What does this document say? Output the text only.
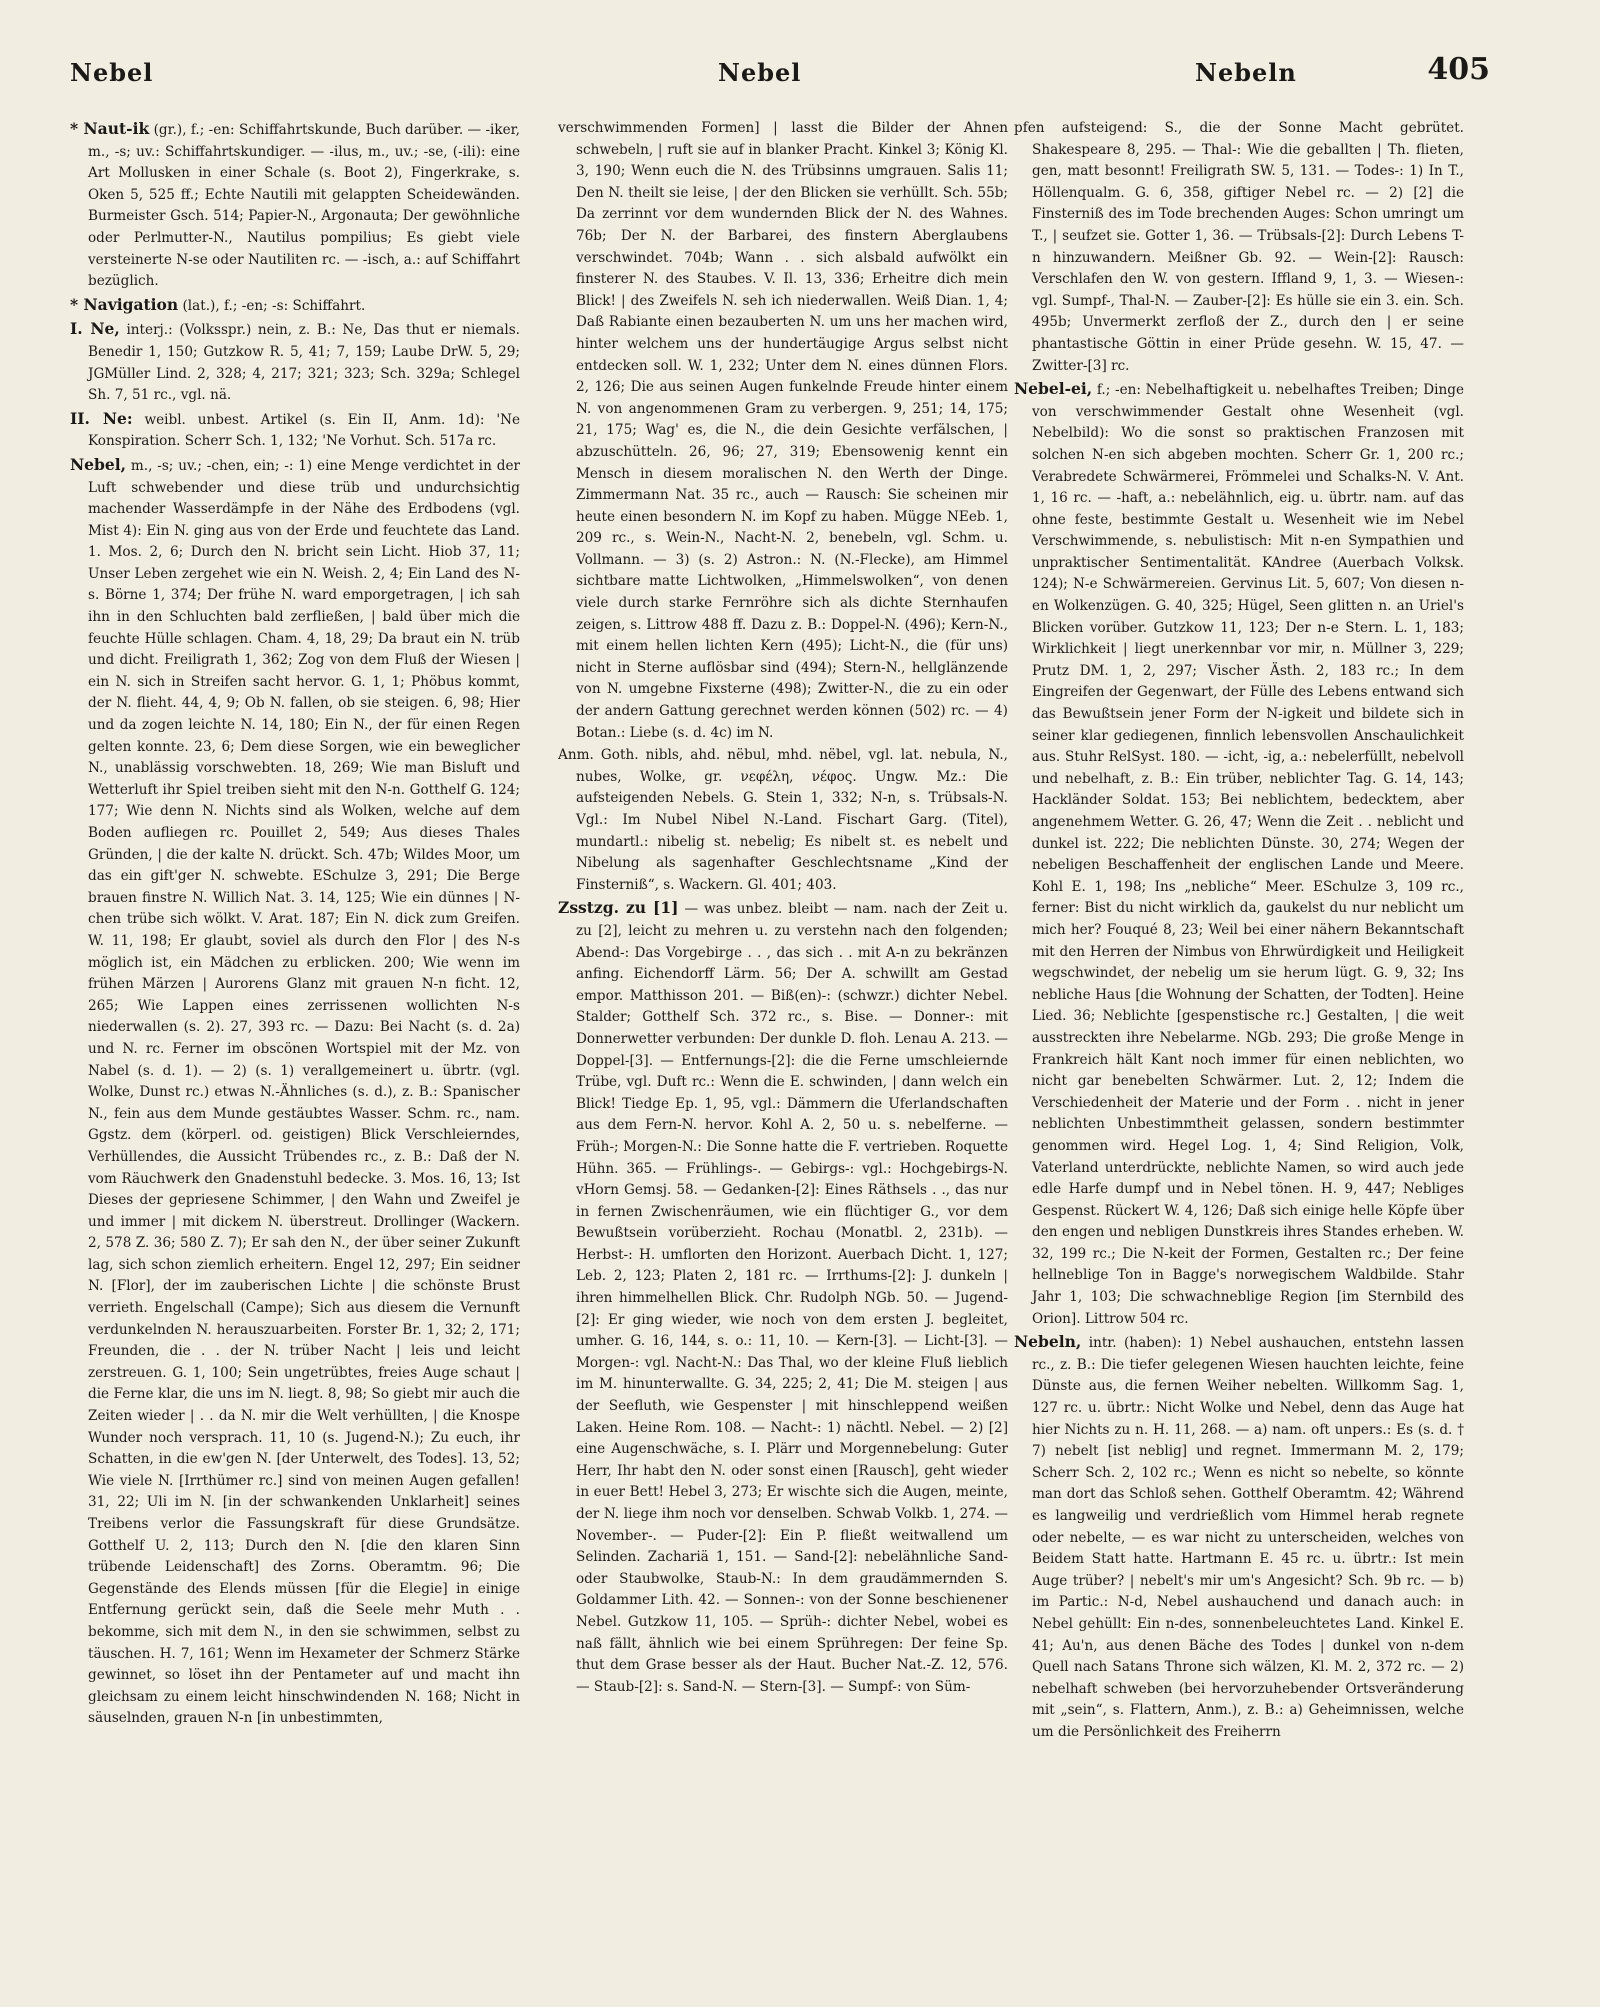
Nebel	Nebel	Nebeln	405

* Naut-ik (gr.), f.; -en: Schiffahrtskunde, Buch darüber. — -iker, m., -s; uv.: Schiffahrtskundiger. — -ilus, m., uv.; -se, (-ili): eine Art Mollusken in einer Schale (s. Boot 2), Fingerkrake, s. Oken 5, 525 ff.; Echte Nautili mit gelappten Scheidewänden. Burmeister Gsch. 514; Papier-N., Argonauta; Der gewöhnliche oder Perlmutter-N., Nautilus pompilius; Es giebt viele versteinerte N-se oder Nautiliten rc. — -isch, a.: auf Schiffahrt bezüglich.

* Navigation (lat.), f.; -en; -s: Schiffahrt.

I. Ne, interj.: (Volksspr.) nein, z. B.: Ne, Das thut er niemals. Benedir 1, 150; Gutzkow R. 5, 41; 7, 159; Laube DrW. 5, 29; JGMüller Lind. 2, 328; 4, 217; 321; 323; Sch. 329a; Schlegel Sh. 7, 51 rc., vgl. nä.

II. Ne: weibl. unbest. Artikel (s. Ein II, Anm. 1d): 'Ne Konspiration. Scherr Sch. 1, 132; 'Ne Vorhut. Sch. 517a rc.

Nebel, m., -s; uv.; -chen, ein; -: 1) eine Menge verdichtet in der Luft schwebender und diese trüb und undurchsichtig machender Wasserdämpfe in der Nähe des Erdbodens (vgl. Mist 4): Ein N. ging aus von der Erde und feuchtete das Land. 1. Mos. 2, 6; Durch den N. bricht sein Licht. Hiob 37, 11; Unser Leben zergehet wie ein N. Weish. 2, 4; Ein Land des N-s. Börne 1, 374; Der frühe N. ward emporgetragen, | ich sah ihn in den Schluchten bald zerfließen, | bald über mich die feuchte Hülle schlagen. Cham. 4, 18, 29; Da braut ein N. trüb und dicht. Freiligrath 1, 362; Zog von dem Fluß der Wiesen | ein N. sich in Streifen sacht hervor. G. 1, 1; Phöbus kommt, der N. flieht. 44, 4, 9; Ob N. fallen, ob sie steigen. 6, 98; Hier und da zogen leichte N. 14, 180; Ein N., der für einen Regen gelten konnte. 23, 6; Dem diese Sorgen, wie ein beweglicher N., unablässig vorschwebten. 18, 269; Wie man Bisluft und Wetterluft ihr Spiel treiben sieht mit den N-n. Gotthelf G. 124; 177; Wie denn N. Nichts sind als Wolken, welche auf dem Boden aufliegen rc. Pouillet 2, 549; Aus dieses Thales Gründen, | die der kalte N. drückt. Sch. 47b; Wildes Moor, um das ein gift'ger N. schwebte. ESchulze 3, 291; Die Berge brauen finstre N. Willich Nat. 3. 14, 125; Wie ein dünnes | N-chen trübe sich wölkt. V. Arat. 187; Ein N. dick zum Greifen. W. 11, 198; Er glaubt, soviel als durch den Flor | des N-s möglich ist, ein Mädchen zu erblicken. 200; Wie wenn im frühen Märzen | Aurorens Glanz mit grauen N-n ficht. 12, 265; Wie Lappen eines zerrissenen wollichten N-s niederwallen (s. 2). 27, 393 rc. — Dazu: Bei Nacht (s. d. 2a) und N. rc. Ferner im obscönen Wortspiel mit der Mz. von Nabel (s. d. 1). — 2) (s. 1) verallgemeinert u. übrtr. (vgl. Wolke, Dunst rc.) etwas N.-Ähnliches (s. d.), z. B.: Spanischer N., fein aus dem Munde gestäubtes Wasser. Schm. rc., nam. Ggstz. dem (körperl. od. geistigen) Blick Verschleierndes, Verhüllendes, die Aussicht Trübendes rc., z. B.: Daß der N. vom Räuchwerk den Gnadenstuhl bedecke. 3. Mos. 16, 13; Ist Dieses der gepriesene Schimmer, | den Wahn und Zweifel je und immer | mit dickem N. überstreut. Drollinger (Wackern. 2, 578 Z. 36; 580 Z. 7); Er sah den N., der über seiner Zukunft lag, sich schon ziemlich erheitern. Engel 12, 297; Ein seidner N. [Flor], der im zauberischen Lichte | die schönste Brust verrieth. Engelschall (Campe); Sich aus diesem die Vernunft verdunkelnden N. herauszuarbeiten. Forster Br. 1, 32; 2, 171; Freunden, die . . der N. trüber Nacht | leis und leicht zerstreuen. G. 1, 100; Sein ungetrübtes, freies Auge schaut | die Ferne klar, die uns im N. liegt. 8, 98; So giebt mir auch die Zeiten wieder | . . da N. mir die Welt verhüllten, | die Knospe Wunder noch versprach. 11, 10 (s. Jugend-N.); Zu euch, ihr Schatten, in die ew'gen N. [der Unterwelt, des Todes]. 13, 52; Wie viele N. [Irrthümer rc.] sind von meinen Augen gefallen! 31, 22; Uli im N. [in der schwankenden Unklarheit] seines Treibens verlor die Fassungskraft für diese Grundsätze. Gotthelf U. 2, 113; Durch den N. [die den klaren Sinn trübende Leidenschaft] des Zorns. Oberamtm. 96; Die Gegenstände des Elends müssen [für die Elegie] in einige Entfernung gerückt sein, daß die Seele mehr Muth . . bekomme, sich mit dem N., in den sie schwimmen, selbst zu täuschen. H. 7, 161; Wenn im Hexameter der Schmerz Stärke gewinnet, so löset ihn der Pentameter auf und macht ihn gleichsam zu einem leicht hinschwindenden N. 168; Nicht in säuselnden, grauen N-n [in unbestimmten,

verschwimmenden Formen] | lasst die Bilder der Ahnen schwebeln, | ruft sie auf in blanker Pracht. Kinkel 3; König Kl. 3, 190; Wenn euch die N. des Trübsinns umgrauen. Salis 11; Den N. theilt sie leise, | der den Blicken sie verhüllt. Sch. 55b; Da zerrinnt vor dem wundernden Blick der N. des Wahnes. 76b; Der N. der Barbarei, des finstern Aberglaubens verschwindet. 704b; Wann . . sich alsbald aufwölkt ein finsterer N. des Staubes. V. Il. 13, 336; Erheitre dich mein Blick! | des Zweifels N. seh ich niederwallen. Weiß Dian. 1, 4; Daß Rabiante einen bezauberten N. um uns her machen wird, hinter welchem uns der hundertäugige Argus selbst nicht entdecken soll. W. 1, 232; Unter dem N. eines dünnen Flors. 2, 126; Die aus seinen Augen funkelnde Freude hinter einem N. von angenommenen Gram zu verbergen. 9, 251; 14, 175; 21, 175; Wag' es, die N., die dein Gesichte verfälschen, | abzuschütteln. 26, 96; 27, 319; Ebensowenig kennt ein Mensch in diesem moralischen N. den Werth der Dinge. Zimmermann Nat. 35 rc., auch — Rausch: Sie scheinen mir heute einen besondern N. im Kopf zu haben. Mügge NEeb. 1, 209 rc., s. Wein-N., Nacht-N. 2, benebeln, vgl. Schm. u. Vollmann. — 3) (s. 2) Astron.: N. (N.-Flecke), am Himmel sichtbare matte Lichtwolken, „Himmelswolken“, von denen viele durch starke Fernröhre sich als dichte Sternhaufen zeigen, s. Littrow 488 ff. Dazu z. B.: Doppel-N. (496); Kern-N., mit einem hellen lichten Kern (495); Licht-N., die (für uns) nicht in Sterne auflösbar sind (494); Stern-N., hellglänzende von N. umgebne Fixsterne (498); Zwitter-N., die zu ein oder der andern Gattung gerechnet werden können (502) rc. — 4) Botan.: Liebe (s. d. 4c) im N.

Anm. Goth. nibls, ahd. nëbul, mhd. nëbel, vgl. lat. nebula, N., nubes, Wolke, gr. νεφέλη, νέφος. Ungw. Mz.: Die aufsteigenden Nebels. G. Stein 1, 332; N-n, s. Trübsals-N. Vgl.: Im Nubel Nibel N.-Land. Fischart Garg. (Titel), mundartl.: nibelig st. nebelig; Es nibelt st. es nebelt und Nibelung als sagenhafter Geschlechtsname „Kind der Finsterniß“, s. Wackern. Gl. 401; 403.

Zsstzg. zu [1] — was unbez. bleibt — nam. nach der Zeit u. zu [2], leicht zu mehren u. zu verstehn nach den folgenden; Abend-: Das Vorgebirge . . , das sich . . mit A-n zu bekränzen anfing. Eichendorff Lärm. 56; Der A. schwillt am Gestad empor. Matthisson 201. — Biß(en)-: (schwzr.) dichter Nebel. Stalder; Gotthelf Sch. 372 rc., s. Bise. — Donner-: mit Donnerwetter verbunden: Der dunkle D. floh. Lenau A. 213. — Doppel-[3]. — Entfernungs-[2]: die die Ferne umschleiernde Trübe, vgl. Duft rc.: Wenn die E. schwinden, | dann welch ein Blick! Tiedge Ep. 1, 95, vgl.: Dämmern die Uferlandschaften aus dem Fern-N. hervor. Kohl A. 2, 50 u. s. nebelferne. — Früh-; Morgen-N.: Die Sonne hatte die F. vertrieben. Roquette Hühn. 365. — Frühlings-. — Gebirgs-: vgl.: Hochgebirgs-N. vHorn Gemsj. 58. — Gedanken-[2]: Eines Räthsels . ., das nur in fernen Zwischenräumen, wie ein flüchtiger G., vor dem Bewußtsein vorüberzieht. Rochau (Monatbl. 2, 231b). — Herbst-: H. umflorten den Horizont. Auerbach Dicht. 1, 127; Leb. 2, 123; Platen 2, 181 rc. — Irrthums-[2]: J. dunkeln | ihren himmelhellen Blick. Chr. Rudolph NGb. 50. — Jugend-[2]: Er ging wieder, wie noch von dem ersten J. begleitet, umher. G. 16, 144, s. o.: 11, 10. — Kern-[3]. — Licht-[3]. — Morgen-: vgl. Nacht-N.: Das Thal, wo der kleine Fluß lieblich im M. hinunterwallte. G. 34, 225; 2, 41; Die M. steigen | aus der Seefluth, wie Gespenster | mit hinschleppend weißen Laken. Heine Rom. 108. — Nacht-: 1) nächtl. Nebel. — 2) [2] eine Augenschwäche, s. I. Plärr und Morgennebelung: Guter Herr, Ihr habt den N. oder sonst einen [Rausch], geht wieder in euer Bett! Hebel 3, 273; Er wischte sich die Augen, meinte, der N. liege ihm noch vor denselben. Schwab Volkb. 1, 274. — November-. — Puder-[2]: Ein P. fließt weitwallend um Selinden. Zachariä 1, 151. — Sand-[2]: nebelähnliche Sand- oder Staubwolke, Staub-N.: In dem graudämmernden S. Goldammer Lith. 42. — Sonnen-: von der Sonne beschienener Nebel. Gutzkow 11, 105. — Sprüh-: dichter Nebel, wobei es naß fällt, ähnlich wie bei einem Sprühregen: Der feine Sp. thut dem Grase besser als der Haut. Bucher Nat.-Z. 12, 576. — Staub-[2]: s. Sand-N. — Stern-[3]. — Sumpf-: von Süm-

pfen aufsteigend: S., die der Sonne Macht gebrütet. Shakespeare 8, 295. — Thal-: Wie die geballten | Th. flieten, gen, matt besonnt! Freiligrath SW. 5, 131. — Todes-: 1) In T., Höllenqualm. G. 6, 358, giftiger Nebel rc. — 2) [2] die Finsterniß des im Tode brechenden Auges: Schon umringt um T., | seufzet sie. Gotter 1, 36. — Trübsals-[2]: Durch Lebens T-n hinzuwandern. Meißner Gb. 92. — Wein-[2]: Rausch: Verschlafen den W. von gestern. Iffland 9, 1, 3. — Wiesen-: vgl. Sumpf-, Thal-N. — Zauber-[2]: Es hülle sie ein 3. ein. Sch. 495b; Unvermerkt zerfloß der Z., durch den | er seine phantastische Göttin in einer Prüde gesehn. W. 15, 47. — Zwitter-[3] rc.

Nebel-ei, f.; -en: Nebelhaftigkeit u. nebelhaftes Treiben; Dinge von verschwimmender Gestalt ohne Wesenheit (vgl. Nebelbild): Wo die sonst so praktischen Franzosen mit solchen N-en sich abgeben mochten. Scherr Gr. 1, 200 rc.; Verabredete Schwärmerei, Frömmelei und Schalks-N. V. Ant. 1, 16 rc. — -haft, a.: nebelähnlich, eig. u. übrtr. nam. auf das ohne feste, bestimmte Gestalt u. Wesenheit wie im Nebel Verschwimmende, s. nebulistisch: Mit n-en Sympathien und unpraktischer Sentimentalität. KAndree (Auerbach Volksk. 124); N-e Schwärmereien. Gervinus Lit. 5, 607; Von diesen n-en Wolkenzügen. G. 40, 325; Hügel, Seen glitten n. an Uriel's Blicken vorüber. Gutzkow 11, 123; Der n-e Stern. L. 1, 183; Wirklichkeit | liegt unerkennbar vor mir, n. Müllner 3, 229; Prutz DM. 1, 2, 297; Vischer Ästh. 2, 183 rc.; In dem Eingreifen der Gegenwart, der Fülle des Lebens entwand sich das Bewußtsein jener Form der N-igkeit und bildete sich in seiner klar gediegenen, finnlich lebensvollen Anschaulichkeit aus. Stuhr RelSyst. 180. — -icht, -ig, a.: nebelerfüllt, nebelvoll und nebelhaft, z. B.: Ein trüber, neblichter Tag. G. 14, 143; Hackländer Soldat. 153; Bei neblichtem, bedecktem, aber angenehmem Wetter. G. 26, 47; Wenn die Zeit . . neblicht und dunkel ist. 222; Die neblichten Dünste. 30, 274; Wegen der nebeligen Beschaffenheit der englischen Lande und Meere. Kohl E. 1, 198; Ins „nebliche“ Meer. ESchulze 3, 109 rc., ferner: Bist du nicht wirklich da, gaukelst du nur neblicht um mich her? Fouqué 8, 23; Weil bei einer nähern Bekanntschaft mit den Herren der Nimbus von Ehrwürdigkeit und Heiligkeit wegschwindet, der nebelig um sie herum lügt. G. 9, 32; Ins nebliche Haus [die Wohnung der Schatten, der Todten]. Heine Lied. 36; Neblichte [gespenstische rc.] Gestalten, | die weit ausstreckten ihre Nebelarme. NGb. 293; Die große Menge in Frankreich hält Kant noch immer für einen neblichten, wo nicht gar benebelten Schwärmer. Lut. 2, 12; Indem die Verschiedenheit der Materie und der Form . . nicht in jener neblichten Unbestimmtheit gelassen, sondern bestimmter genommen wird. Hegel Log. 1, 4; Sind Religion, Volk, Vaterland unterdrückte, neblichte Namen, so wird auch jede edle Harfe dumpf und in Nebel tönen. H. 9, 447; Nebliges Gespenst. Rückert W. 4, 126; Daß sich einige helle Köpfe über den engen und nebligen Dunstkreis ihres Standes erheben. W. 32, 199 rc.; Die N-keit der Formen, Gestalten rc.; Der feine hellneblige Ton in Bagge's norwegischem Waldbilde. Stahr Jahr 1, 103; Die schwachneblige Region [im Sternbild des Orion]. Littrow 504 rc.

Nebeln, intr. (haben): 1) Nebel aushauchen, entstehn lassen rc., z. B.: Die tiefer gelegenen Wiesen hauchten leichte, feine Dünste aus, die fernen Weiher nebelten. Willkomm Sag. 1, 127 rc. u. übrtr.: Nicht Wolke und Nebel, denn das Auge hat hier Nichts zu n. H. 11, 268. — a) nam. oft unpers.: Es (s. d. † 7) nebelt [ist neblig] und regnet. Immermann M. 2, 179; Scherr Sch. 2, 102 rc.; Wenn es nicht so nebelte, so könnte man dort das Schloß sehen. Gotthelf Oberamtm. 42; Während es langweilig und verdrießlich vom Himmel herab regnete oder nebelte, — es war nicht zu unterscheiden, welches von Beidem Statt hatte. Hartmann E. 45 rc. u. übrtr.: Ist mein Auge trüber? | nebelt's mir um's Angesicht? Sch. 9b rc. — b) im Partic.: N-d, Nebel aushauchend und danach auch: in Nebel gehüllt: Ein n-des, sonnenbeleuchtetes Land. Kinkel E. 41; Au'n, aus denen Bäche des Todes | dunkel von n-dem Quell nach Satans Throne sich wälzen, Kl. M. 2, 372 rc. — 2) nebelhaft schweben (bei hervorzuhebender Ortsveränderung mit „sein“, s. Flattern, Anm.), z. B.: a) Geheimnissen, welche um die Persönlichkeit des Freiherrn
